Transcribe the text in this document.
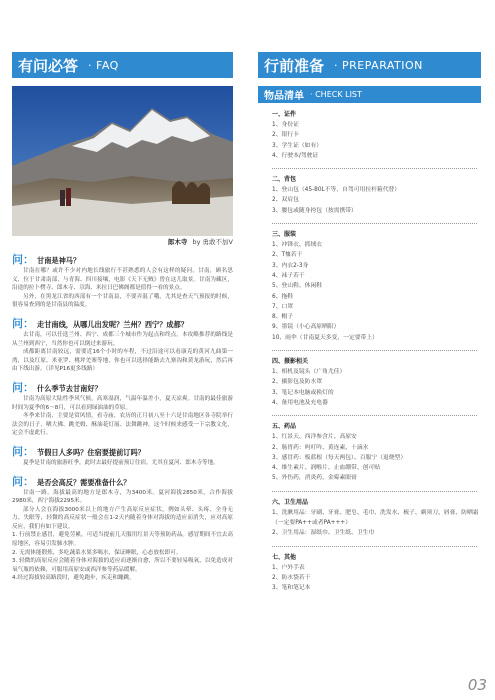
有问必答 · FAQ
郎木寺 by 勇敢不加V
问： 甘南是神马？

甘南在哪？或许不少对内地长线旅行不甚熟悉的人会有这样的疑问。甘南，顾名思义，位于甘肃南部，与青海、四川接壤，电影《天下无贼》曾在这儿取景。甘南为藏区，沿途的拉卜楞寺、郎木寺、尕海、米拉日巴佛阁都是值得一看的景点。

另外，在黑龙江省的西部有一个甘南县，不要弄混了哦，尤其是查天气预报的时候，很容易查到的是甘南县的温度。

问： 走甘南线，从哪儿出发呢？兰州？西宁？成都？

去甘南，可以任选兰州、西宁、成都三个城市作为起点和终点，本攻略推荐的路线是从兰州到西宁，当然你也可以倒过来游玩。

成都距离甘南较远，需要近16个小时的车程，不过沿途可以看康克的黄河九曲第一湾，以及红原、米亚罗、桃坪羌寨等地，你也可以选择能路去九寨沟和黄龙游玩，然后再由下线出游。（详见P16更多线路）

问： 什么季节去甘南好？

甘南为高原大陆性季风气候，高寒湿润，气温年温差小，夏天凉爽。甘南的最佳旅游时间为夏季的6～8月，可以看到绿油油的草原。

冬季来甘南，主要是赏风情，看寺庙，农历的正月初八至十六是甘南地区各寺院举行法会的日子，晒大佛、跳羌姆、酥油花灯展、法舞跳神，这个时候来感受一下宗教文化，定会不虚此行。

问： 节假日人多吗？住宿要提前订吗？

夏季是甘南的旅游旺季，此时去最好提前预订住宿。尤其在夏河、郎木寺等地。

问： 是否会高反？需要准备什么？

甘南一路，海拔最高的地方是郎木寺，为3400米。夏河海拔2850米，合作海拔2980米，西宁海拔2295米。

部分人会在海拔3000米以上的地方产生高原反应症状，例如头晕、头疼、全身无力、失眠等，轻微的高反症状一般会在1-2天内随着身体对海拔的适应而消失，应对高原反应，我们有如下建议。

1. 行前禁止感冒，避免劳累，可适当提前几天服用红景天等预防药品。感冒期间不宜去高原地区，容易引发肺水肿。

2. 无需体能锻炼，多吃蔬菜水果多喝水，保证睡眠，心态放松即可。

3. 轻微的高原反应会随着身体对海拔的适应而逐渐自愈，所以不要轻易吸氧，以免造成对氧气瓶的依赖，可服用高原安或西洋参等药品缓解。

4.经过海拔较高路段时，避免跑步，疾走和蹦跳。

行前准备 · PREPARATION
物品清单 · CHECK LIST
一、证件
1、身份证
2、银行卡
3、学生证（如有）
4、行驶本/驾驶证
二、背包
1、登山包（45-80L不等，自驾可用拉杆箱代替）
2、双肩包
3、腰包或随身挎包（按需携带）
三、服装
1、冲锋衣、抓绒衣
2、T恤若干
3、内衣2-3身
4、袜子若干
5、登山鞋、休闲鞋
6、拖鞋
7、口罩
8、帽子
9、墨镜（小心高原晒阳）
10、雨伞（甘南夏天多变，一定要带上）
四、摄影相关
1、相机及镜头（广角尤佳）
2、摄影包及防水罩
3、笔记本电脑或换灯的
4、备用电池及充电器
五、药品
1、红景天、西洋参含片、高原安
2、肠胃药：吗叮吟、黄连素、十滴水
3、感冒药：板蓝根（每天两包）、百服宁（退烧型）
4、维生素片、润喉片、止血绷带、创可贴
5、外伤药，消炎药，金霉素眼膏
六、卫生用品
1、洗漱用品：牙刷、牙膏、肥皂、毛巾、洗发水、梳子、剃须刀、唇膏、防晒霜（一定要PA++或者PA+++）
2、卫生用品：湿纸巾、卫生纸、卫生巾
七、其他
1、户外手表
2、防水袋若干
3、笔和笔记本
03
